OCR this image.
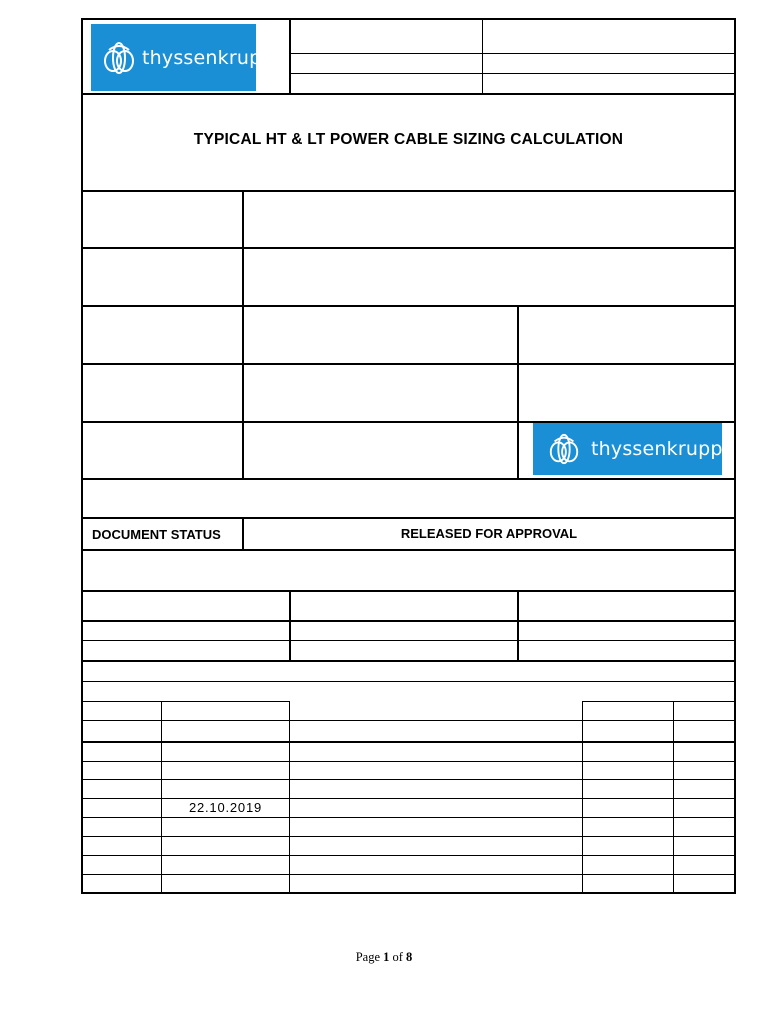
thyssenkrupp
TYPICAL HT & LT POWER CABLE SIZING CALCULATION
thyssenkrupp
DOCUMENT STATUS	RELEASED FOR APPROVAL
22.10.2019
Page 1 of 8
